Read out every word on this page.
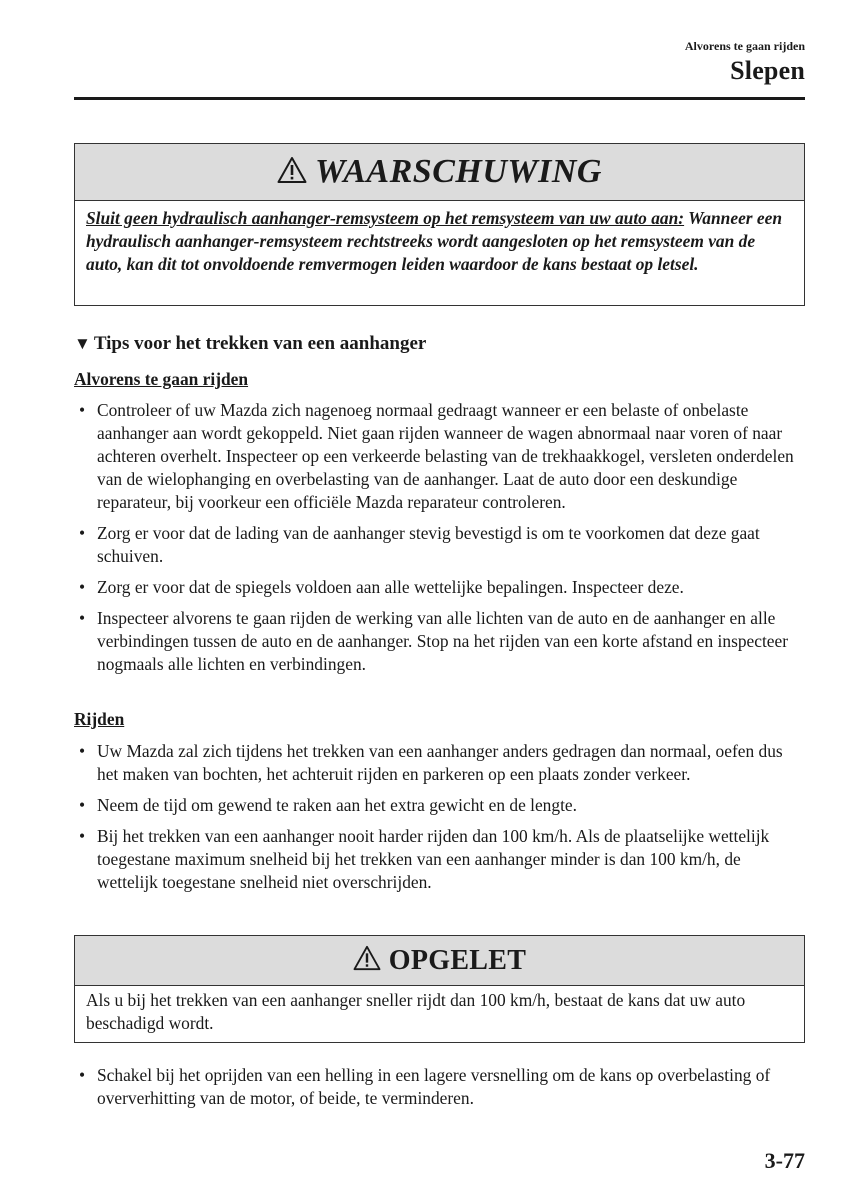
Alvorens te gaan rijden
Slepen
WAARSCHUWING
Sluit geen hydraulisch aanhanger-remsysteem op het remsysteem van uw auto aan: Wanneer een hydraulisch aanhanger-remsysteem rechtstreeks wordt aangesloten op het remsysteem van de auto, kan dit tot onvoldoende remvermogen leiden waardoor de kans bestaat op letsel.
▼ Tips voor het trekken van een aanhanger
Alvorens te gaan rijden
• Controleer of uw Mazda zich nagenoeg normaal gedraagt wanneer er een belaste of onbelaste aanhanger aan wordt gekoppeld. Niet gaan rijden wanneer de wagen abnormaal naar voren of naar achteren overhelt. Inspecteer op een verkeerde belasting van de trekhaakkogel, versleten onderdelen van de wielophanging en overbelasting van de aanhanger. Laat de auto door een deskundige reparateur, bij voorkeur een officiële Mazda reparateur controleren.
• Zorg er voor dat de lading van de aanhanger stevig bevestigd is om te voorkomen dat deze gaat schuiven.
• Zorg er voor dat de spiegels voldoen aan alle wettelijke bepalingen. Inspecteer deze.
• Inspecteer alvorens te gaan rijden de werking van alle lichten van de auto en de aanhanger en alle verbindingen tussen de auto en de aanhanger. Stop na het rijden van een korte afstand en inspecteer nogmaals alle lichten en verbindingen.
Rijden
• Uw Mazda zal zich tijdens het trekken van een aanhanger anders gedragen dan normaal, oefen dus het maken van bochten, het achteruit rijden en parkeren op een plaats zonder verkeer.
• Neem de tijd om gewend te raken aan het extra gewicht en de lengte.
• Bij het trekken van een aanhanger nooit harder rijden dan 100 km/h. Als de plaatselijke wettelijk toegestane maximum snelheid bij het trekken van een aanhanger minder is dan 100 km/h, de wettelijk toegestane snelheid niet overschrijden.
OPGELET
Als u bij het trekken van een aanhanger sneller rijdt dan 100 km/h, bestaat de kans dat uw auto beschadigd wordt.
• Schakel bij het oprijden van een helling in een lagere versnelling om de kans op overbelasting of oververhitting van de motor, of beide, te verminderen.
3-77
